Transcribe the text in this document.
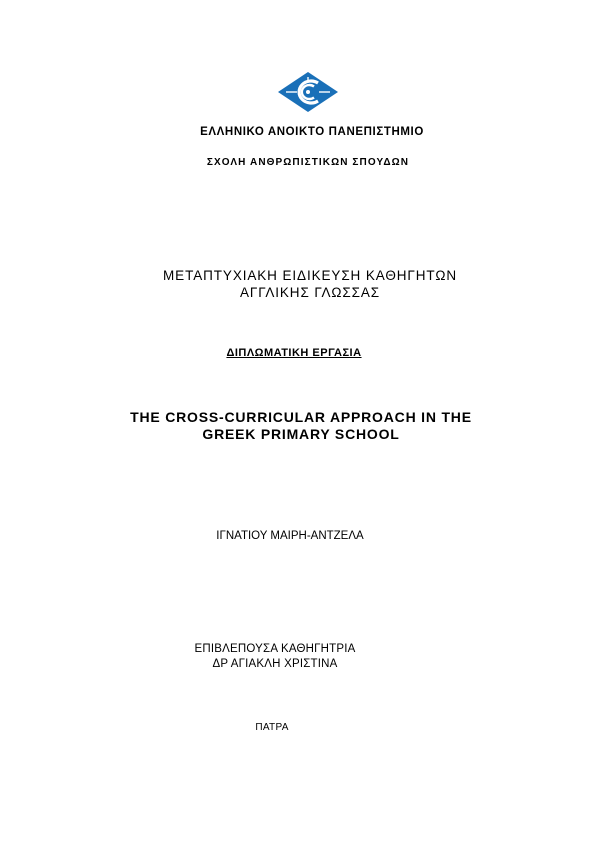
ΕΛΛΗΝΙΚΟ ΑΝΟΙΚΤΟ ΠΑΝΕΠΙΣΤΗΜΙΟ
ΣΧΟΛΗ ΑΝΘΡΩΠΙΣΤΙΚΩΝ ΣΠΟΥΔΩΝ
ΜΕΤΑΠΤΥΧΙΑΚΗ ΕΙΔΙΚΕΥΣΗ ΚΑΘΗΓΗΤΩΝ
ΑΓΓΛΙΚΗΣ ΓΛΩΣΣΑΣ
ΔΙΠΛΩΜΑΤΙΚΗ ΕΡΓΑΣΙΑ
THE CROSS-CURRICULAR APPROACH IN THE
GREEK PRIMARY SCHOOL
ΙΓΝΑΤΙΟΥ ΜΑΙΡΗ-ΑΝΤΖΕΛΑ
ΕΠΙΒΛΕΠΟΥΣΑ ΚΑΘΗΓΗΤΡΙΑ
ΔΡ ΑΓΙΑΚΛΗ ΧΡΙΣΤΙΝΑ
ΠΑΤΡΑ
